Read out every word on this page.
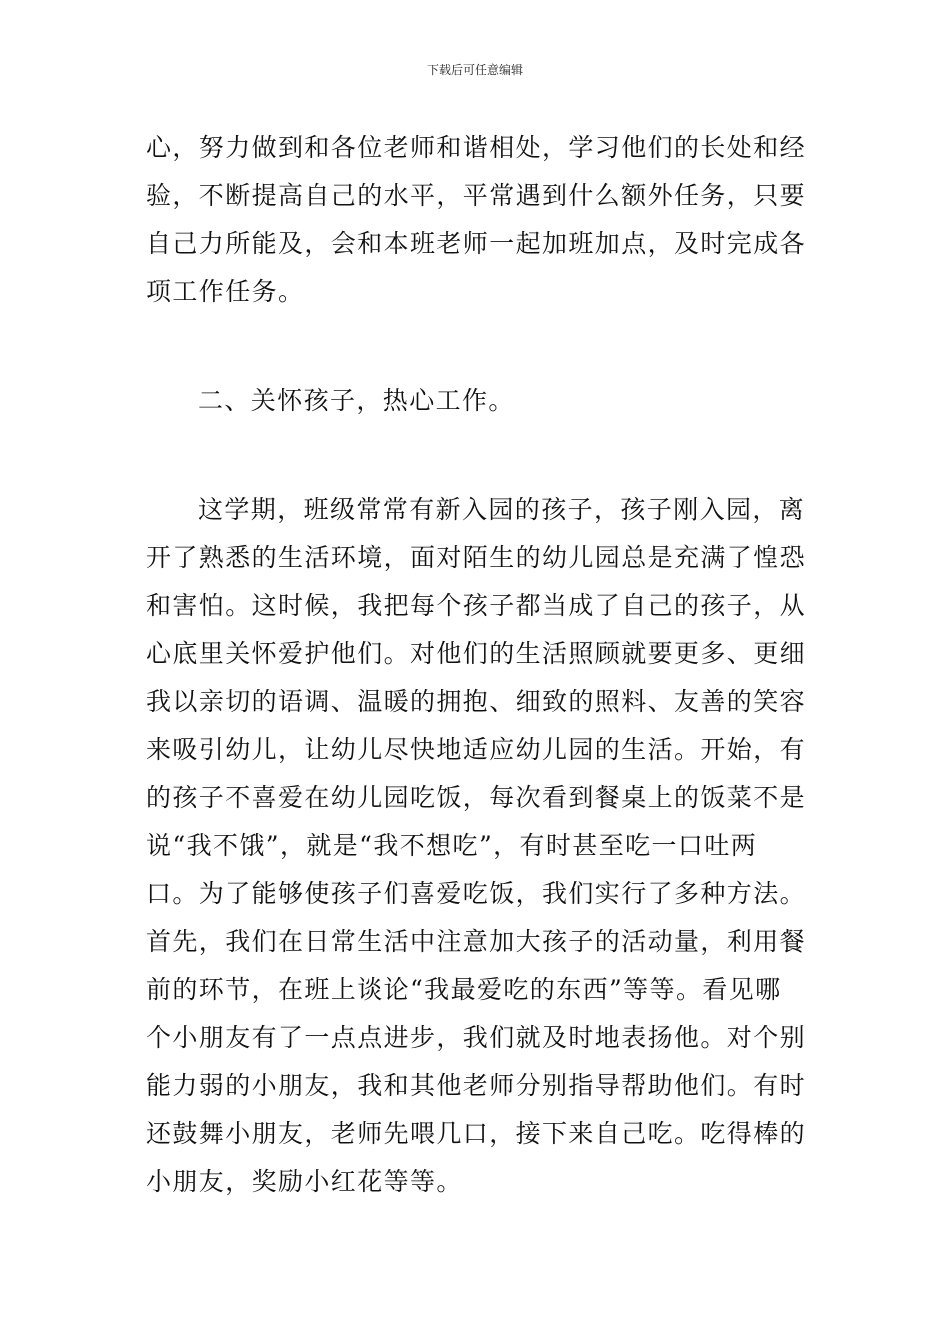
下载后可任意编辑
心，努力做到和各位老师和谐相处，学习他们的长处和经
验，不断提高自己的水平，平常遇到什么额外任务，只要
自己力所能及，会和本班老师一起加班加点，及时完成各
项工作任务。
二、关怀孩子，热心工作。
这学期，班级常常有新入园的孩子，孩子刚入园，离
开了熟悉的生活环境，面对陌生的幼儿园总是充满了惶恐
和害怕。这时候，我把每个孩子都当成了自己的孩子，从
心底里关怀爱护他们。对他们的生活照顾就要更多、更细
我以亲切的语调、温暖的拥抱、细致的照料、友善的笑容
来吸引幼儿，让幼儿尽快地适应幼儿园的生活。开始，有
的孩子不喜爱在幼儿园吃饭，每次看到餐桌上的饭菜不是
说“我不饿”，就是“我不想吃”，有时甚至吃一口吐两
口。为了能够使孩子们喜爱吃饭，我们实行了多种方法。
首先，我们在日常生活中注意加大孩子的活动量，利用餐
前的环节，在班上谈论“我最爱吃的东西”等等。看见哪
个小朋友有了一点点进步，我们就及时地表扬他。对个别
能力弱的小朋友，我和其他老师分别指导帮助他们。有时
还鼓舞小朋友，老师先喂几口，接下来自己吃。吃得棒的
小朋友，奖励小红花等等。
